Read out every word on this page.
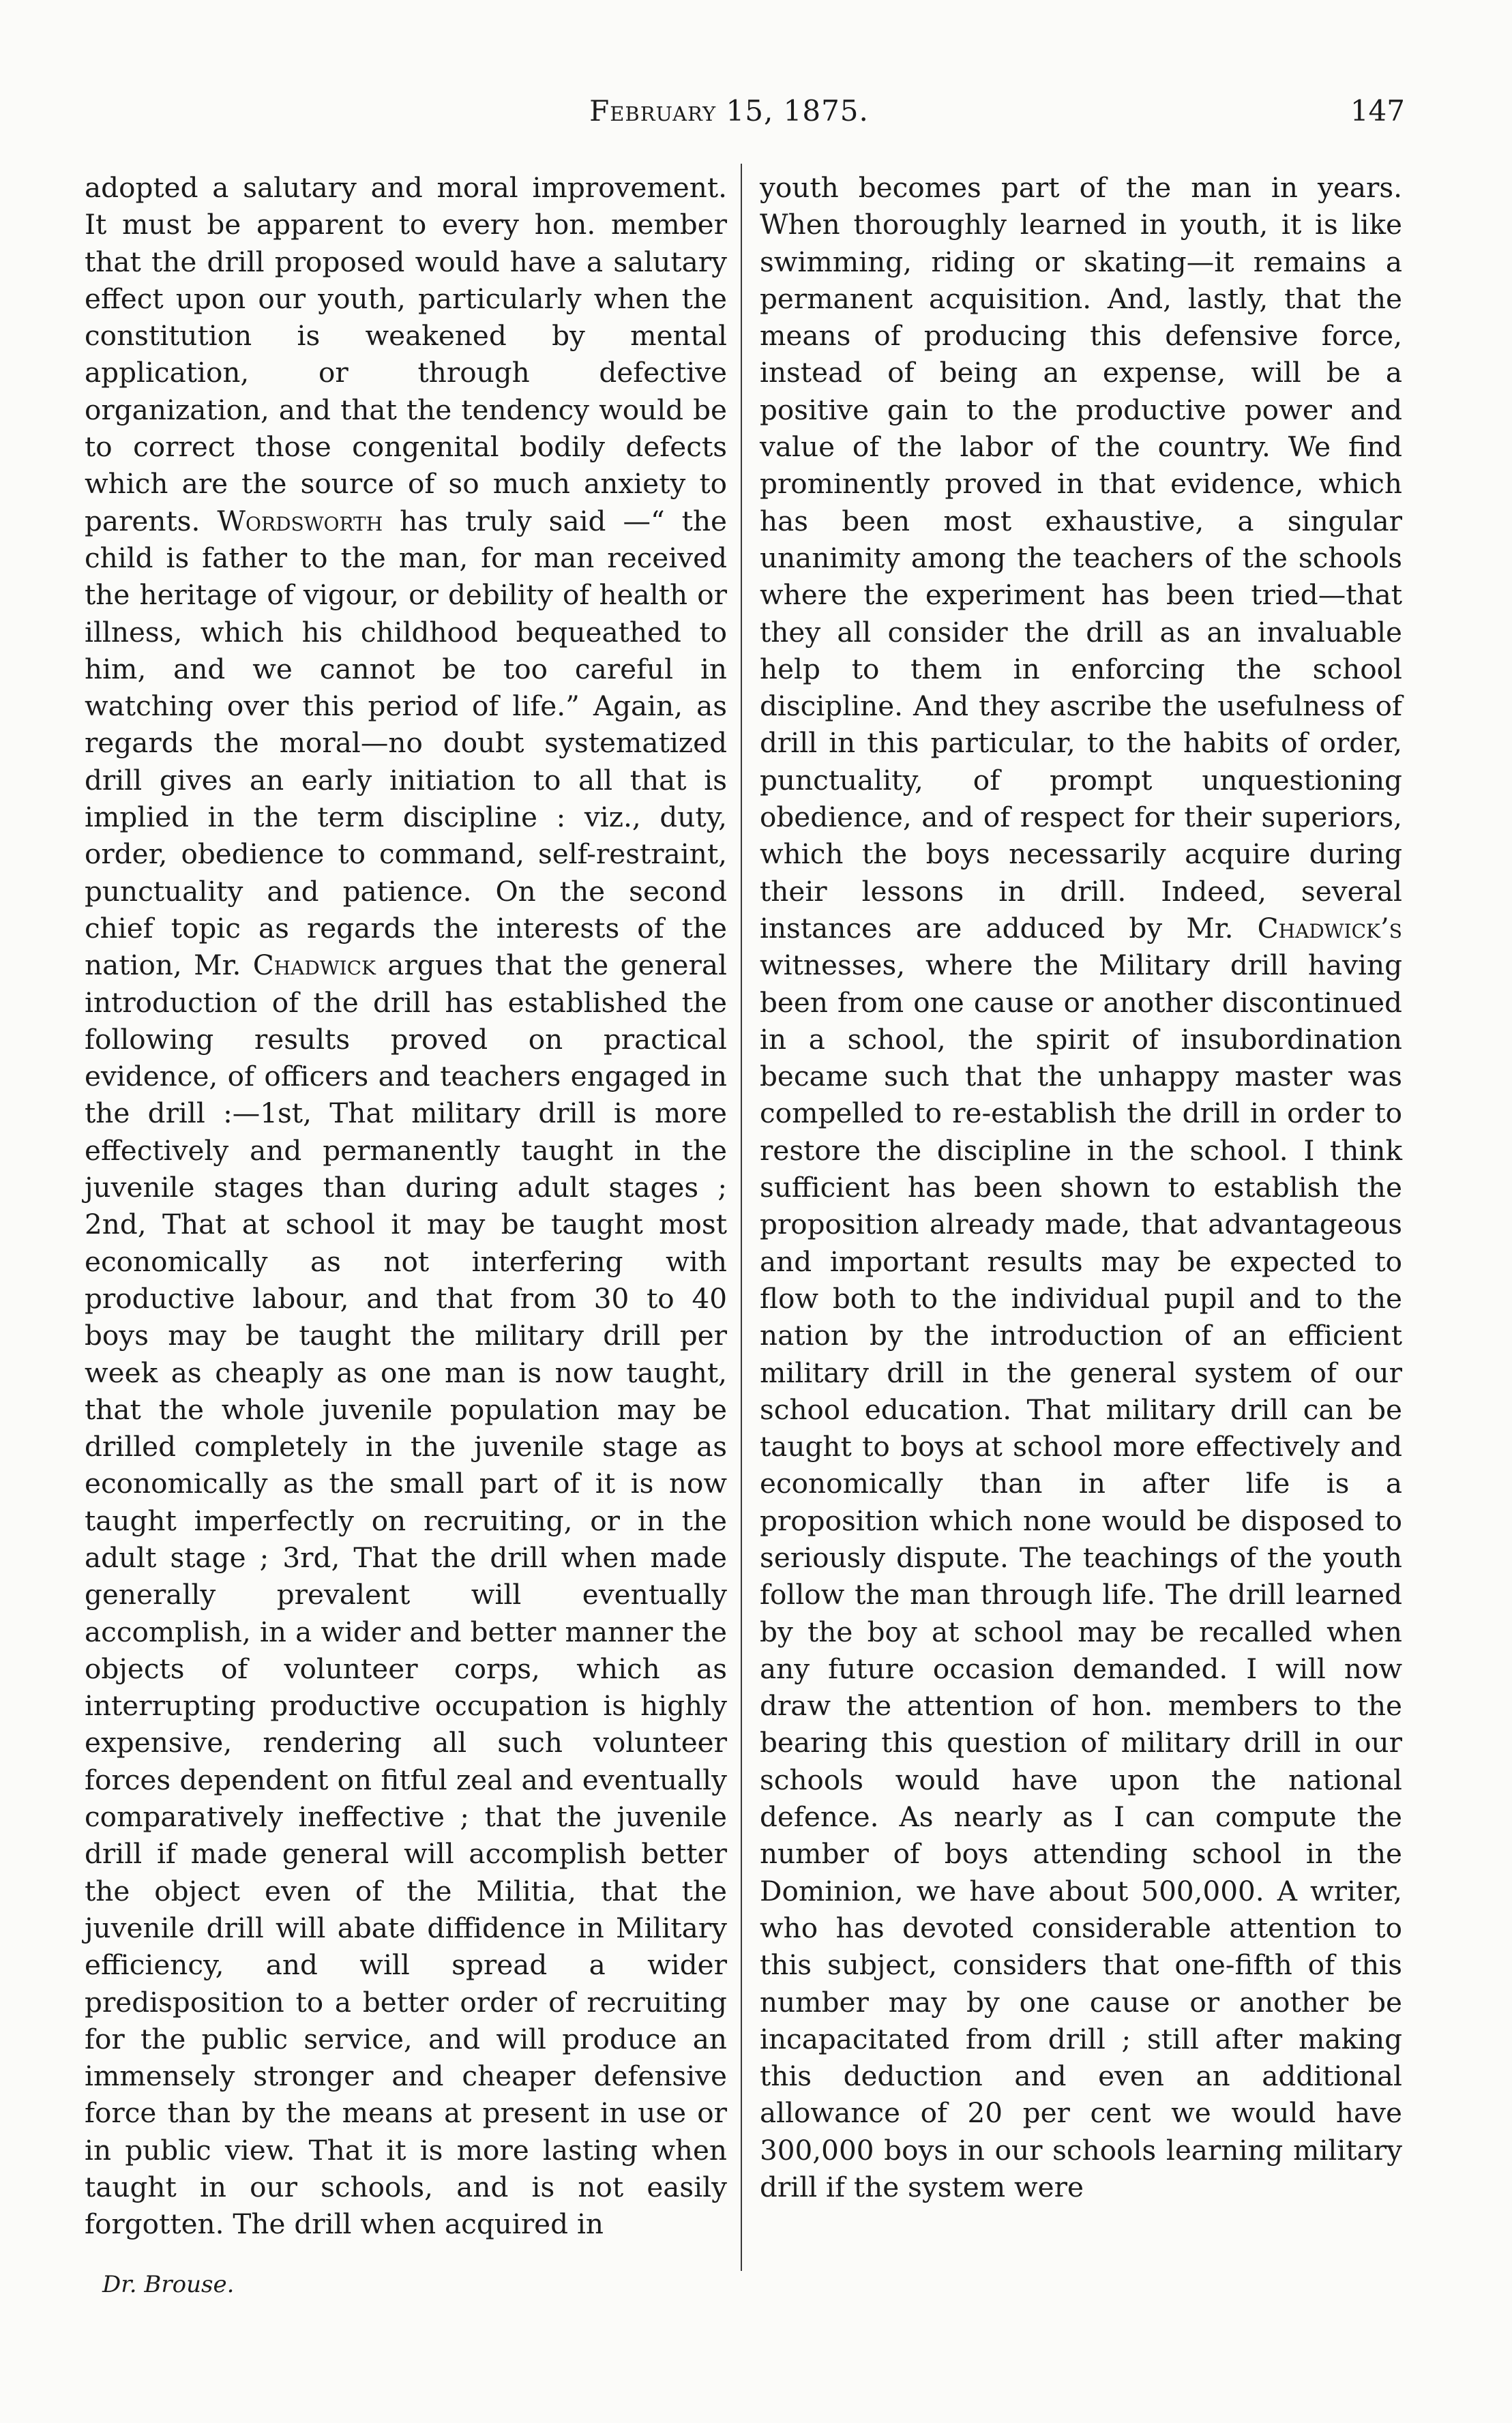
February 15, 1875.	147

adopted a salutary and moral improvement. It must be apparent to every hon. member that the drill proposed would have a salutary effect upon our youth, particularly when the constitution is weakened by mental application, or through defective organization, and that the tendency would be to correct those congenital bodily defects which are the source of so much anxiety to parents. Wordsworth has truly said —“ the child is father to the man, for man received the heritage of vigour, or debility of health or illness, which his childhood bequeathed to him, and we cannot be too careful in watching over this period of life.” Again, as regards the moral—no doubt systematized drill gives an early initiation to all that is implied in the term discipline : viz., duty, order, obedience to command, self-restraint, punctuality and patience. On the second chief topic as regards the interests of the nation, Mr. Chadwick argues that the general introduction of the drill has established the following results proved on practical evidence, of officers and teachers engaged in the drill :—1st, That military drill is more effectively and permanently taught in the juvenile stages than during adult stages ; 2nd, That at school it may be taught most economically as not interfering with productive labour, and that from 30 to 40 boys may be taught the military drill per week as cheaply as one man is now taught, that the whole juvenile population may be drilled completely in the juvenile stage as economically as the small part of it is now taught imperfectly on recruiting, or in the adult stage ; 3rd, That the drill when made generally prevalent will eventually accomplish, in a wider and better manner the objects of volunteer corps, which as interrupting productive occupation is highly expensive, rendering all such volunteer forces dependent on fitful zeal and eventually comparatively ineffective ; that the juvenile drill if made general will accomplish better the object even of the Militia, that the juvenile drill will abate diffidence in Military efficiency, and will spread a wider predisposition to a better order of recruiting for the public service, and will produce an immensely stronger and cheaper defensive force than by the means at present in use or in public view. That it is more lasting when taught in our schools, and is not easily forgotten. The drill when acquired in

youth becomes part of the man in years. When thoroughly learned in youth, it is like swimming, riding or skating—it remains a permanent acquisition. And, lastly, that the means of producing this defensive force, instead of being an expense, will be a positive gain to the productive power and value of the labor of the country. We find prominently proved in that evidence, which has been most exhaustive, a singular unanimity among the teachers of the schools where the experiment has been tried—that they all consider the drill as an invaluable help to them in enforcing the school discipline. And they ascribe the usefulness of drill in this particular, to the habits of order, punctuality, of prompt unquestioning obedience, and of respect for their superiors, which the boys necessarily acquire during their lessons in drill. Indeed, several instances are adduced by Mr. Chadwick’s witnesses, where the Military drill having been from one cause or another discontinued in a school, the spirit of insubordination became such that the unhappy master was compelled to re-establish the drill in order to restore the discipline in the school. I think sufficient has been shown to establish the proposition already made, that advantageous and important results may be expected to flow both to the individual pupil and to the nation by the introduction of an efficient military drill in the general system of our school education. That military drill can be taught to boys at school more effectively and economically than in after life is a proposition which none would be disposed to seriously dispute. The teachings of the youth follow the man through life. The drill learned by the boy at school may be recalled when any future occasion demanded. I will now draw the attention of hon. members to the bearing this question of military drill in our schools would have upon the national defence. As nearly as I can compute the number of boys attending school in the Dominion, we have about 500,000. A writer, who has devoted considerable attention to this subject, considers that one-fifth of this number may by one cause or another be incapacitated from drill ; still after making this deduction and even an additional allowance of 20 per cent we would have 300,000 boys in our schools learning military drill if the system were

Dr. Brouse.
